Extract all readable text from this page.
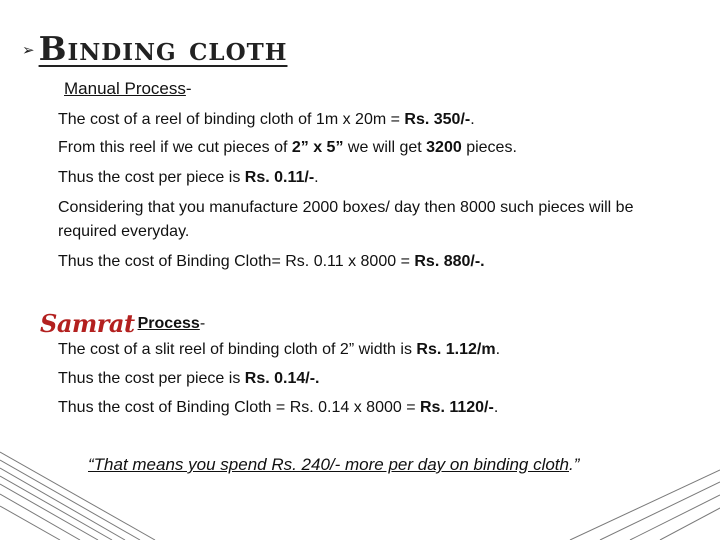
➢ Binding cloth
Manual Process-
The cost of a reel of binding cloth of 1m x 20m = Rs. 350/-.
From this reel if we cut pieces of 2” x 5” we will get 3200 pieces.
Thus the cost per piece is Rs. 0.11/-.
Considering that you manufacture 2000 boxes/ day then 8000 such pieces will be required everyday.
Thus the cost of Binding Cloth= Rs. 0.11 x 8000 = Rs. 880/-.
Samrat Process-
The cost of a slit reel of binding cloth of 2” width is Rs. 1.12/m.
Thus the cost per piece is Rs. 0.14/-.
Thus the cost of Binding Cloth = Rs. 0.14 x 8000 = Rs. 1120/-.
“That means you spend Rs. 240/- more per day on binding cloth.”
